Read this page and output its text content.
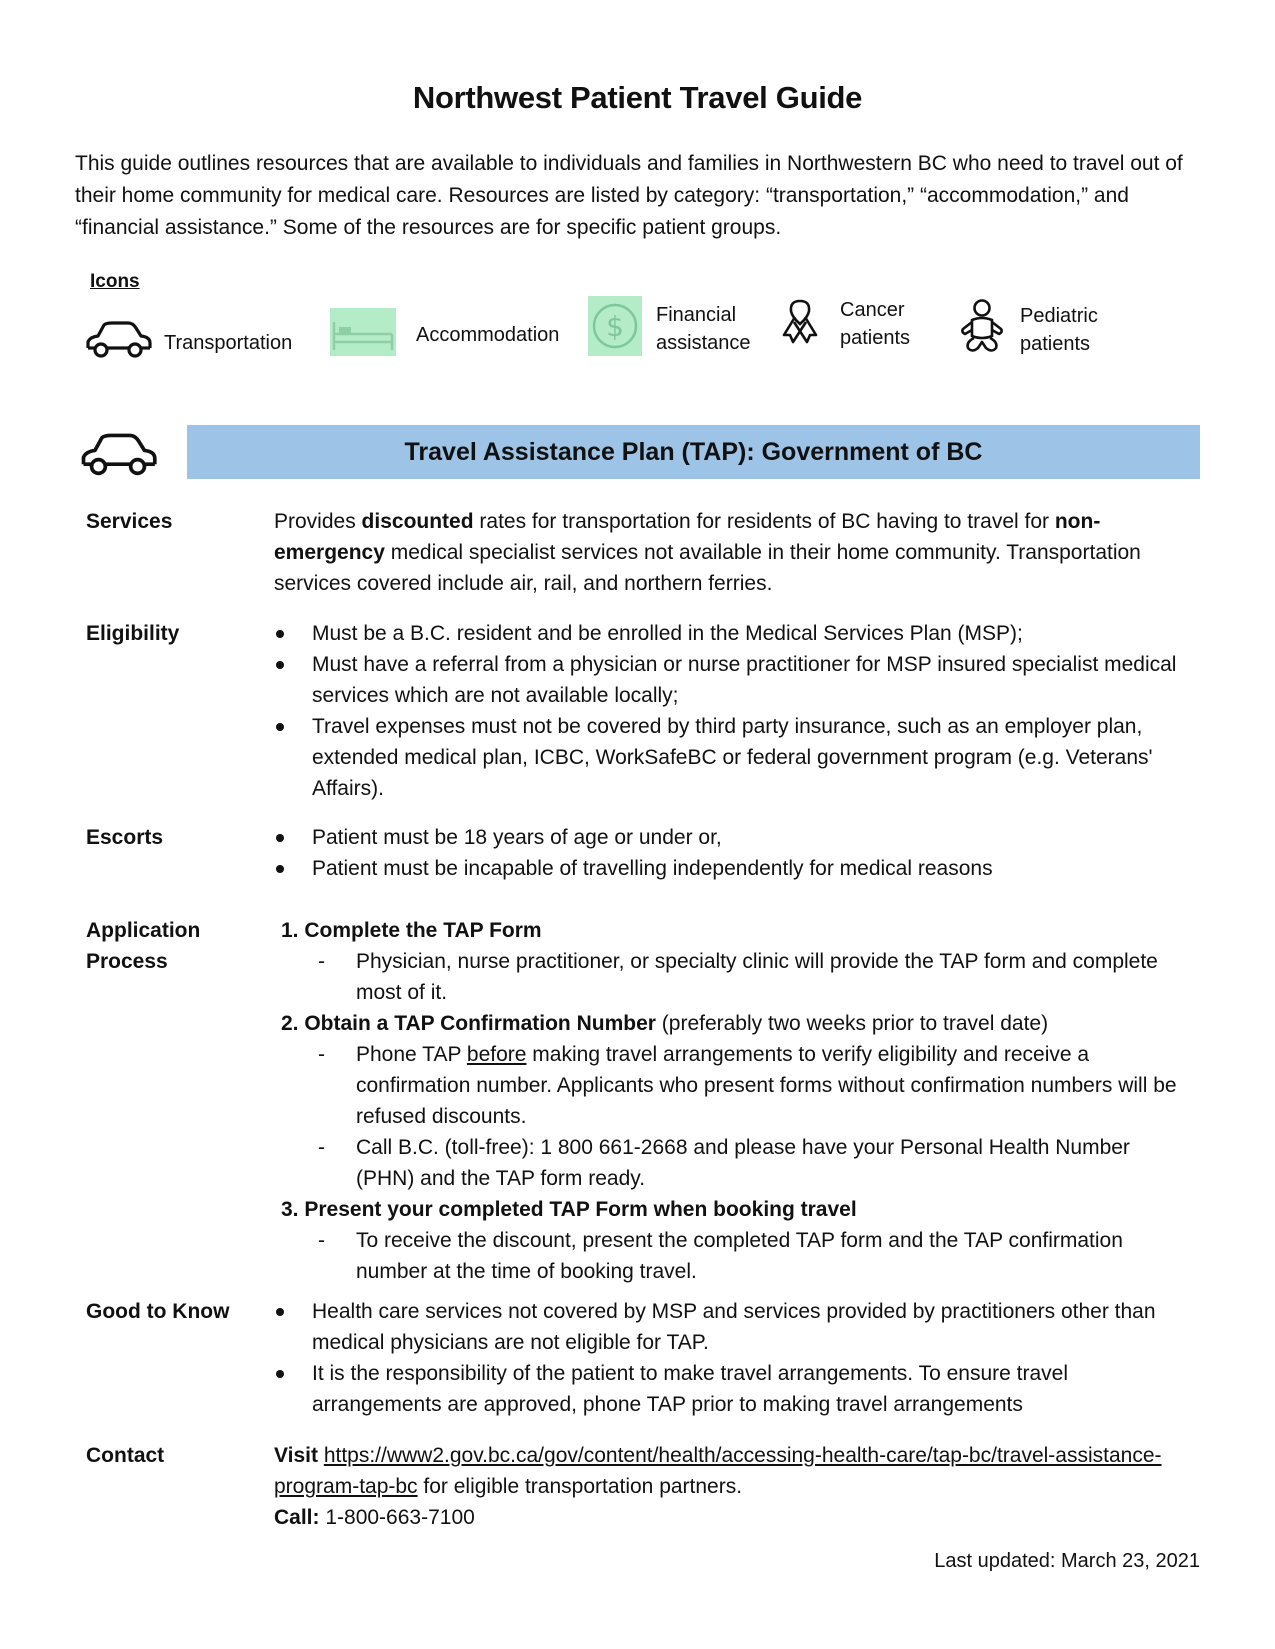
Northwest Patient Travel Guide

This guide outlines resources that are available to individuals and families in Northwestern BC who need to travel out of their home community for medical care. Resources are listed by category: “transportation,” “accommodation,” and “financial assistance.” Some of the resources are for specific patient groups.

Icons
Transportation	Accommodation $ Financial
assistance
Cancer
patients
Pediatric
patients
Travel Assistance Plan (TAP): Government of BC
Services	Provides discounted rates for transportation for residents of BC having to travel for non-emergency medical specialist services not available in their home community. Transportation services covered include air, rail, and northern ferries.

Eligibility	Must be a B.C. resident and be enrolled in the Medical Services Plan (MSP);
Must have a referral from a physician or nurse practitioner for MSP insured specialist medical services which are not available locally;
Travel expenses must not be covered by third party insurance, such as an employer plan, extended medical plan, ICBC, WorkSafeBC or federal government program (e.g. Veterans' Affairs).
Escorts	Patient must be 18 years of age or under or,
Patient must be incapable of travelling independently for medical reasons
Application
Process
1. Complete the TAP Form
- Physician, nurse practitioner, or specialty clinic will provide the TAP form and complete most of it.
2. Obtain a TAP Confirmation Number (preferably two weeks prior to travel date)
- Phone TAP before making travel arrangements to verify eligibility and receive a confirmation number. Applicants who present forms without confirmation numbers will be refused discounts.
- Call B.C. (toll-free): 1 800 661-2668 and please have your Personal Health Number (PHN) and the TAP form ready.
3. Present your completed TAP Form when booking travel
- To receive the discount, present the completed TAP form and the TAP confirmation number at the time of booking travel.
Good to Know	Health care services not covered by MSP and services provided by practitioners other than medical physicians are not eligible for TAP.
It is the responsibility of the patient to make travel arrangements. To ensure travel arrangements are approved, phone TAP prior to making travel arrangements
Contact	Visit https://www2.gov.bc.ca/gov/content/health/accessing-health-care/tap-bc/travel-assistance-program-tap-bc for eligible transportation partners.

Call: 1-800-663-7100

Last updated: March 23, 2021
